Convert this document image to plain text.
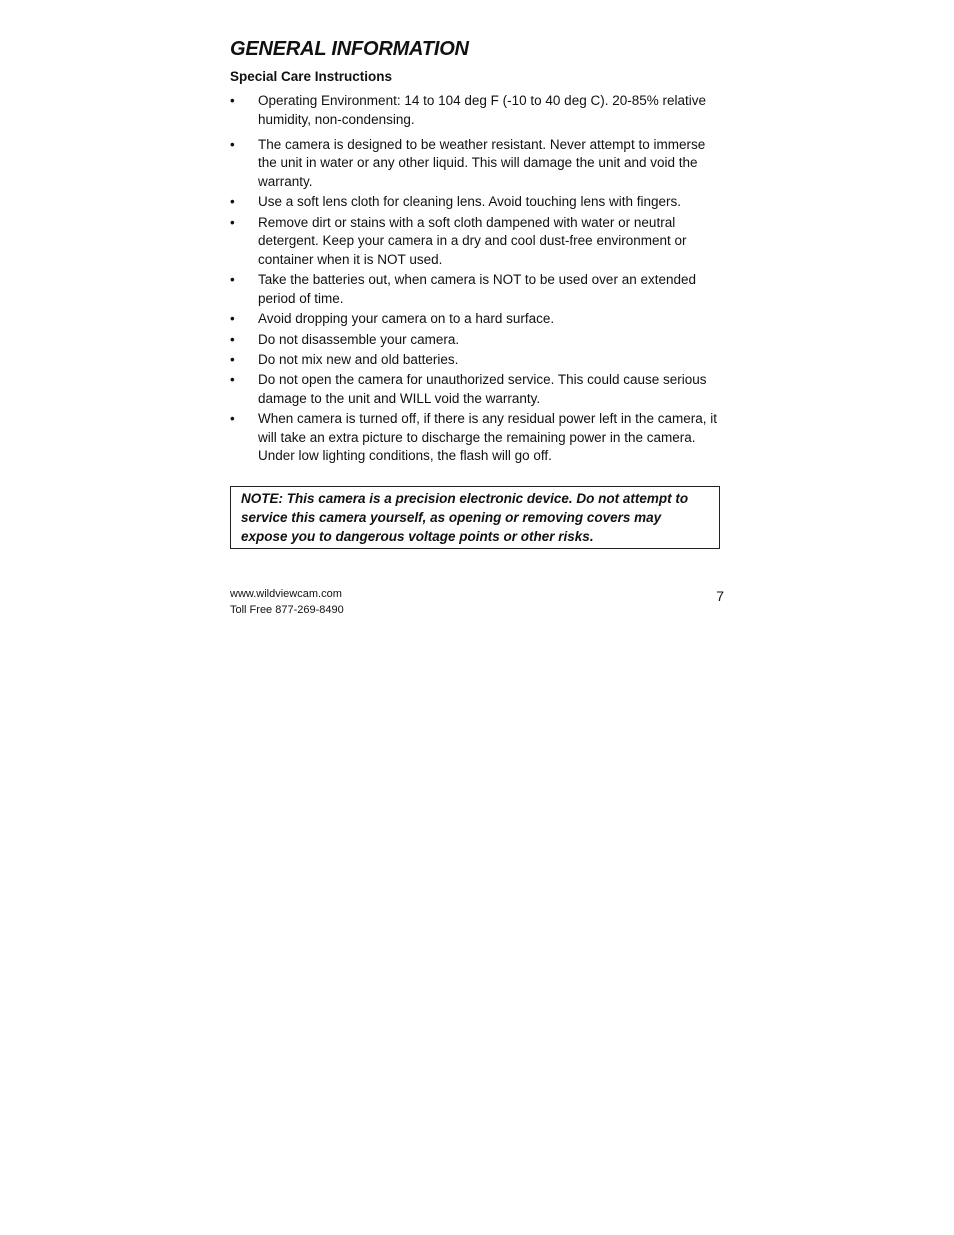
GENERAL INFORMATION
Special Care Instructions
•	Operating Environment: 14 to 104 deg F (-10 to 40 deg C). 20-85% relative humidity, non-condensing.
•	The camera is designed to be weather resistant. Never attempt to immerse the unit in water or any other liquid. This will damage the unit and void the warranty.
•	Use a soft lens cloth for cleaning lens. Avoid touching lens with fingers.
•	Remove dirt or stains with a soft cloth dampened with water or neutral detergent. Keep your camera in a dry and cool dust-free environment or container when it is NOT used.
•	Take the batteries out, when camera is NOT to be used over an extended period of time.
•	Avoid dropping your camera on to a hard surface.
•	Do not disassemble your camera.
•	Do not mix new and old batteries.
•	Do not open the camera for unauthorized service. This could cause serious damage to the unit and WILL void the warranty.
•	When camera is turned off, if there is any residual power left in the camera, it will take an extra picture to discharge the remaining power in the camera. Under low lighting conditions, the flash will go off.
NOTE: This camera is a precision electronic device. Do not attempt to service this camera yourself, as opening or removing covers may expose you to dangerous voltage points or other risks.
www.wildviewcam.com
Toll Free 877-269-8490
7
